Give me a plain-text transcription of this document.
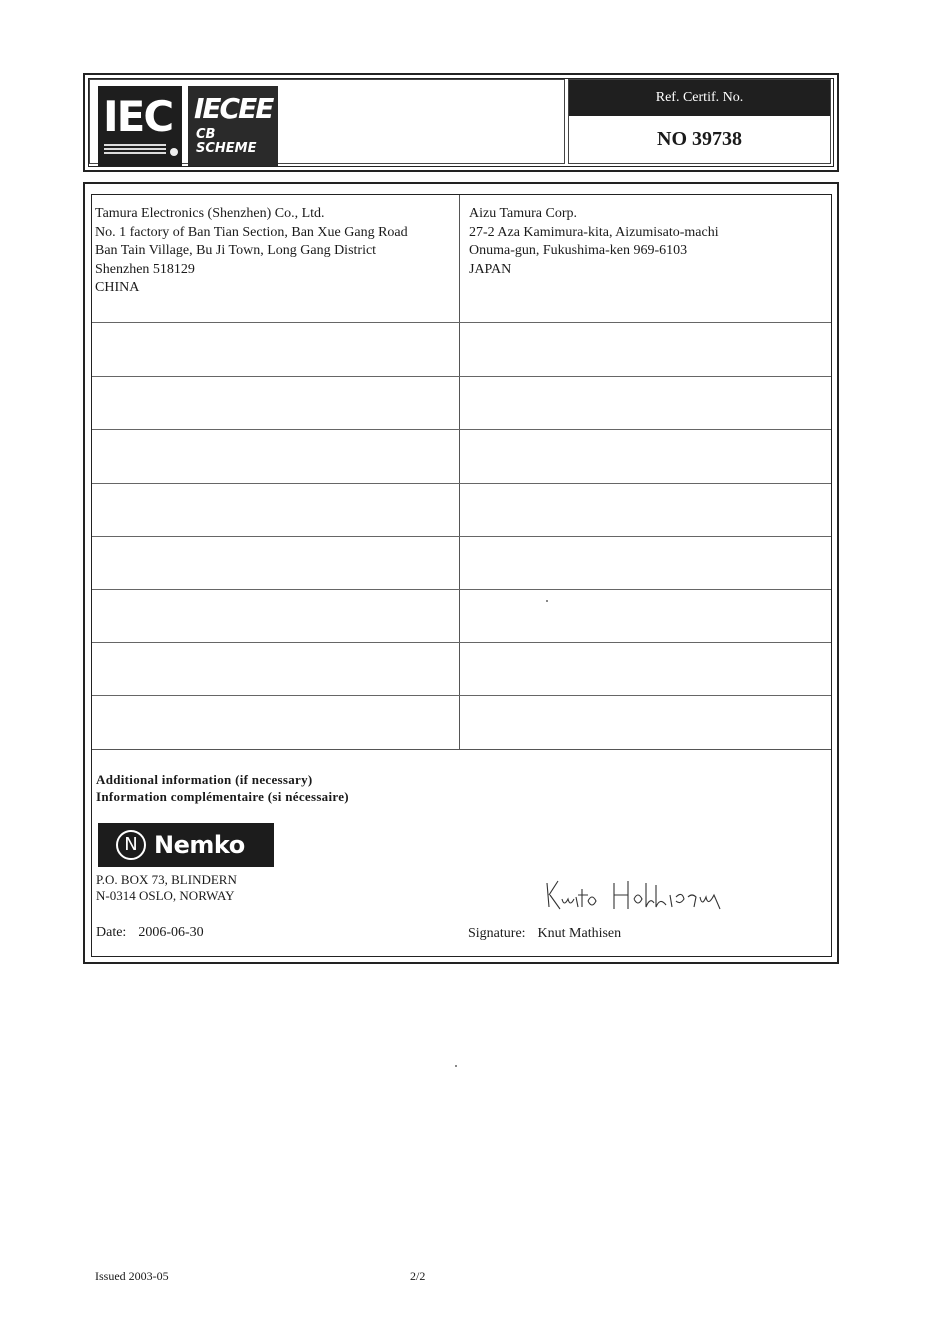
IEC IECEE
CB
SCHEME
Ref. Certif. No.
NO 39738

Tamura Electronics (Shenzhen) Co., Ltd.

No. 1 factory of Ban Tian Section, Ban Xue Gang Road

Ban Tain Village, Bu Ji Town, Long Gang District

Shenzhen 518129

CHINA

Aizu Tamura Corp.

27-2 Aza Kamimura-kita, Aizumisato-machi

Onuma-gun, Fukushima-ken 969-6103

JAPAN

Additional information (if necessary)

Information complémentaire (si nécessaire)

N Nemko

P.O. BOX 73, BLINDERN

N-0314 OSLO, NORWAY

Date: 2006-06-30	Signature: Knut Mathisen
Issued 2003-05	2/2
